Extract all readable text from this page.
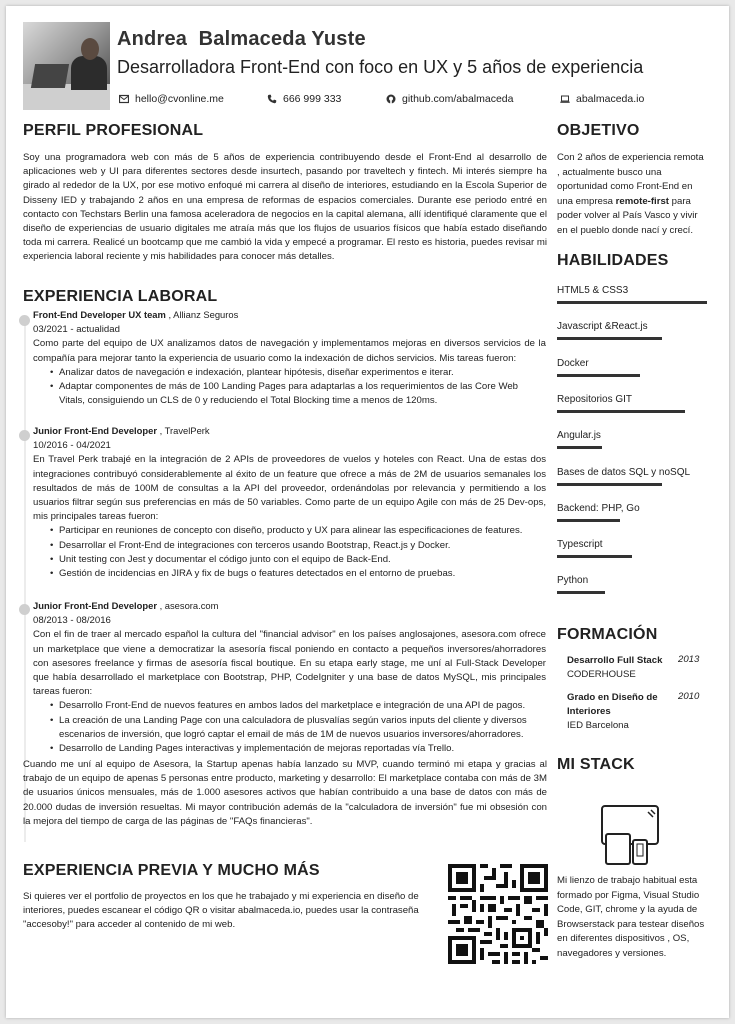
Andrea  Balmaceda Yuste
Desarrolladora Front-End con foco en UX y 5 años de experiencia
hello@cvonline.me	666 999 333	github.com/abalmaceda	abalmaceda.io
PERFIL PROFESIONAL
Soy una programadora web con más de 5 años de experiencia contribuyendo desde el Front-End al desarrollo de aplicaciones web y UI para diferentes sectores desde insurtech, pasando por traveltech y fintech. Mi interés siempre ha girado al rededor de la UX, por ese motivo enfoqué mi carrera al diseño de interiores, estudiando en la Escola Superior de Disseny IED y trabajando 2 años en una empresa de reformas de espacios comerciales. Durante ese periodo entré en contacto con Techstars Berlin una famosa aceleradora de negocios en la capital alemana, allí identifiqué claramente que el diseño de experiencias de usuario digitales me atraía más que los flujos de usuarios físicos que había estado diseñando toda mi carrera. Realicé un bootcamp que me cambió la vida y empecé a programar. El resto es historia, puedes revisar mi experiencia laboral reciente y mis habilidades para conocer más detalles.
EXPERIENCIA LABORAL
Front-End Developer UX team , Allianz Seguros
03/2021 - actualidad

Como parte del equipo de UX analizamos datos de navegación y implementamos mejoras en diversos servicios de la compañía para mejorar tanto la experiencia de usuario como la indexación de dichos servicios. Mis tareas fueron:

• Analizar datos de navegación e indexación, plantear hipótesis, diseñar experimentos e iterar.
• Adaptar componentes de más de 100 Landing Pages para adaptarlas a los requerimientos de las Core Web Vitals, consiguiendo un CLS de 0 y reduciendo el Total Blocking time a menos de 120ms.
Junior Front-End Developer , TravelPerk
10/2016 - 04/2021

En Travel Perk trabajé en la integración de 2 APIs de proveedores de vuelos y hoteles con React. Una de estas dos integraciones contribuyó considerablemente al éxito de un feature que ofrece a más de 2M de usuarios semanales los resultados de más de 100M de consultas a la API del proveedor, ordenándolas por relevancia y permitiendo a los usuarios filtrar según sus preferencias en más de 50 variables. Como parte de un equipo Agile con más de 25 Dev-ops, mis principales tareas fueron:

• Participar en reuniones de concepto con diseño, producto y UX para alinear las especificaciones de features.
• Desarrollar el Front-End de integraciones con terceros usando Bootstrap, React.js y Docker.
• Unit testing con Jest y documentar el código junto con el equipo de Back-End.
• Gestión de incidencias en JIRA y fix de bugs o features detectados en el entorno de pruebas.
Junior Front-End Developer , asesora.com
08/2013 - 08/2016

Con el fin de traer al mercado español la cultura del "financial advisor" en los países anglosajones, asesora.com ofrece un marketplace que viene a democratizar la asesoría fiscal poniendo en contacto a pequeños inversores/ahorradores con asesores freelance y firmas de asesoría fiscal boutique. En su etapa early stage, me uní al Full-Stack Developer que había desarrollado el marketplace con Bootstrap, PHP, CodeIgniter y una base de datos MySQL, mis principales tareas fueron:

• Desarrollo Front-End de nuevos features en ambos lados del marketplace e integración de una API de pagos.
• La creación de una Landing Page con una calculadora de plusvalías según varios inputs del cliente y diversos escenarios de inversión, que logró captar el email de más de 1M de nuevos usuarios inversores/ahorradores.
• Desarrollo de Landing Pages interactivas y implementación de mejoras reportadas vía Trello.
Cuando me uní al equipo de Asesora, la Startup apenas había lanzado su MVP, cuando terminó mi etapa y gracias al trabajo de un equipo de apenas 5 personas entre producto, marketing y desarrollo: El marketplace contaba con más de 3M de usuarios únicos mensuales, más de 1.000 asesores activos que habían contribuido a una base de datos con más de 20.000 dudas de inversión resueltas. Mi mayor contribución además de la "calculadora de inversión" fue mi obsesión con la mejora del tiempo de carga de las páginas de "FAQs financieras".
EXPERIENCIA PREVIA Y MUCHO MÁS
Si quieres ver el portfolio de proyectos en los que he trabajado y mi experiencia en diseño de interiores, puedes escanear el código QR o visitar abalmaceda.io, puedes usar la contraseña "accesoby!" para acceder al contenido de mi web.
OBJETIVO
Con 2 años de experiencia remota , actualmente busco una oportunidad como Front-End en una empresa remote-first para poder volver al País Vasco y vivir en el pueblo donde nací y crecí.
HABILIDADES
HTML5 & CSS3
Javascript &React.js
Docker
Repositorios GIT
Angular.js
Bases de datos SQL y noSQL
Backend: PHP, Go
Typescript
Python
FORMACIÓN
Desarrollo Full Stack 2013
CODERHOUSE
Grado en Diseño de Interiores
2010
IED Barcelona
MI STACK
Mi lienzo de trabajo habitual esta formado por Figma, Visual Studio Code, GIT, chrome y la ayuda de Browserstack para testear diseños en diferentes dispositivos , OS, navegadores y versiones.
